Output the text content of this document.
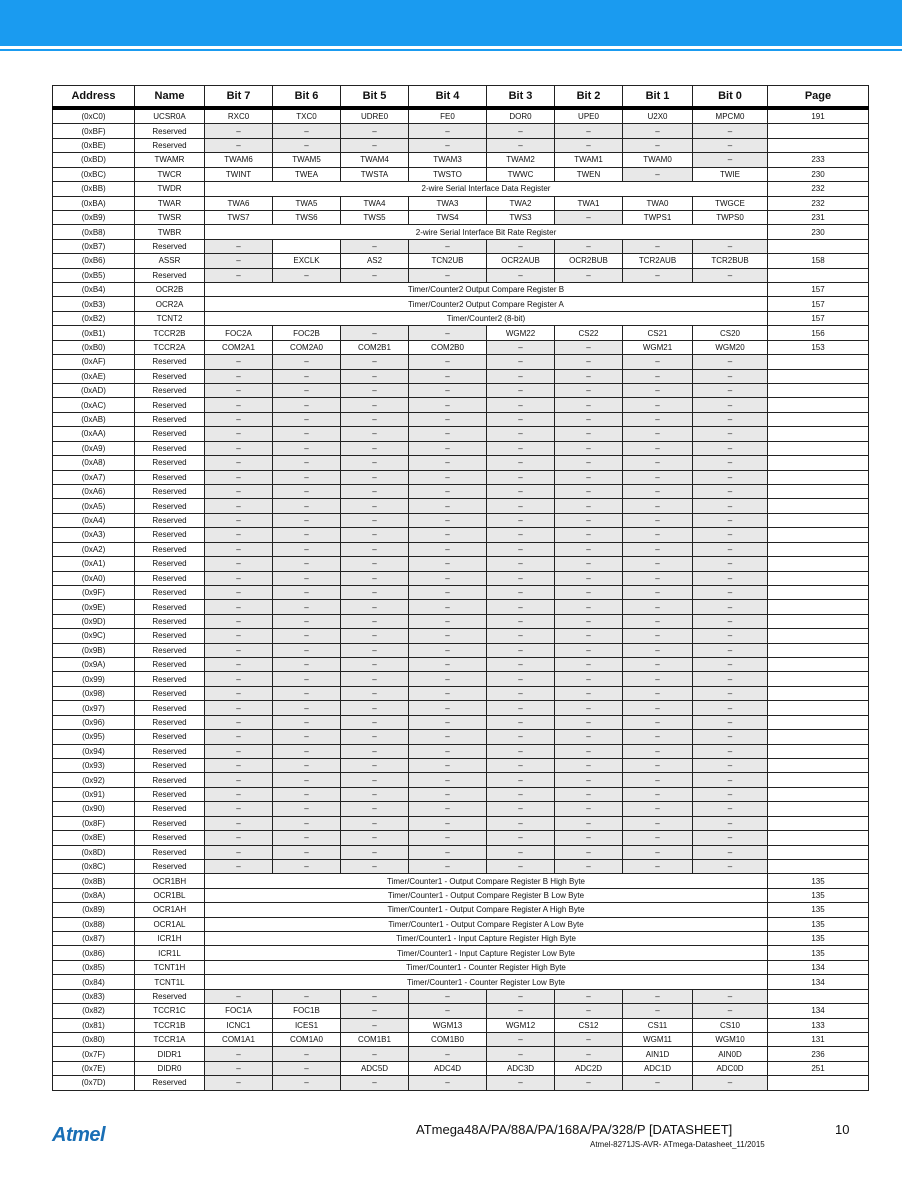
Address	Name	Bit 7	Bit 6	Bit 5	Bit 4	Bit 3	Bit 2	Bit 1	Bit 0	Page
(0xC0)	UCSR0A	RXC0	TXC0	UDRE0	FE0	DOR0	UPE0	U2X0	MPCM0	191
(0xBF)	Reserved	–	–	–	–	–	–	–	–	
(0xBE)	Reserved	–	–	–	–	–	–	–	–	
(0xBD)	TWAMR	TWAM6	TWAM5	TWAM4	TWAM3	TWAM2	TWAM1	TWAM0	–	233
(0xBC)	TWCR	TWINT	TWEA	TWSTA	TWSTO	TWWC	TWEN	–	TWIE	230
(0xBB)	TWDR	2-wire Serial Interface Data Register								232
(0xBA)	TWAR	TWA6	TWA5	TWA4	TWA3	TWA2	TWA1	TWA0	TWGCE	232
(0xB9)	TWSR	TWS7	TWS6	TWS5	TWS4	TWS3	–	TWPS1	TWPS0	231
(0xB8)	TWBR	2-wire Serial Interface Bit Rate Register								230
(0xB7)	Reserved	–		–	–	–	–	–	–	
(0xB6)	ASSR	–	EXCLK	AS2	TCN2UB	OCR2AUB	OCR2BUB	TCR2AUB	TCR2BUB	158
(0xB5)	Reserved	–	–	–	–	–	–	–	–	
(0xB4)	OCR2B	Timer/Counter2 Output Compare Register B								157
(0xB3)	OCR2A	Timer/Counter2 Output Compare Register A								157
(0xB2)	TCNT2	Timer/Counter2 (8-bit)								157
(0xB1)	TCCR2B	FOC2A	FOC2B	–	–	WGM22	CS22	CS21	CS20	156
(0xB0)	TCCR2A	COM2A1	COM2A0	COM2B1	COM2B0	–	–	WGM21	WGM20	153
(0xAF)	Reserved	–	–	–	–	–	–	–	–	
(0xAE)	Reserved	–	–	–	–	–	–	–	–	
(0xAD)	Reserved	–	–	–	–	–	–	–	–	
(0xAC)	Reserved	–	–	–	–	–	–	–	–	
(0xAB)	Reserved	–	–	–	–	–	–	–	–	
(0xAA)	Reserved	–	–	–	–	–	–	–	–	
(0xA9)	Reserved	–	–	–	–	–	–	–	–	
(0xA8)	Reserved	–	–	–	–	–	–	–	–	
(0xA7)	Reserved	–	–	–	–	–	–	–	–	
(0xA6)	Reserved	–	–	–	–	–	–	–	–	
(0xA5)	Reserved	–	–	–	–	–	–	–	–	
(0xA4)	Reserved	–	–	–	–	–	–	–	–	
(0xA3)	Reserved	–	–	–	–	–	–	–	–	
(0xA2)	Reserved	–	–	–	–	–	–	–	–	
(0xA1)	Reserved	–	–	–	–	–	–	–	–	
(0xA0)	Reserved	–	–	–	–	–	–	–	–	
(0x9F)	Reserved	–	–	–	–	–	–	–	–	
(0x9E)	Reserved	–	–	–	–	–	–	–	–	
(0x9D)	Reserved	–	–	–	–	–	–	–	–	
(0x9C)	Reserved	–	–	–	–	–	–	–	–	
(0x9B)	Reserved	–	–	–	–	–	–	–	–	
(0x9A)	Reserved	–	–	–	–	–	–	–	–	
(0x99)	Reserved	–	–	–	–	–	–	–	–	
(0x98)	Reserved	–	–	–	–	–	–	–	–	
(0x97)	Reserved	–	–	–	–	–	–	–	–	
(0x96)	Reserved	–	–	–	–	–	–	–	–	
(0x95)	Reserved	–	–	–	–	–	–	–	–	
(0x94)	Reserved	–	–	–	–	–	–	–	–	
(0x93)	Reserved	–	–	–	–	–	–	–	–	
(0x92)	Reserved	–	–	–	–	–	–	–	–	
(0x91)	Reserved	–	–	–	–	–	–	–	–	
(0x90)	Reserved	–	–	–	–	–	–	–	–	
(0x8F)	Reserved	–	–	–	–	–	–	–	–	
(0x8E)	Reserved	–	–	–	–	–	–	–	–	
(0x8D)	Reserved	–	–	–	–	–	–	–	–	
(0x8C)	Reserved	–	–	–	–	–	–	–	–	
(0x8B)	OCR1BH	Timer/Counter1 - Output Compare Register B High Byte								135
(0x8A)	OCR1BL	Timer/Counter1 - Output Compare Register B Low Byte								135
(0x89)	OCR1AH	Timer/Counter1 - Output Compare Register A High Byte								135
(0x88)	OCR1AL	Timer/Counter1 - Output Compare Register A Low Byte								135
(0x87)	ICR1H	Timer/Counter1 - Input Capture Register High Byte								135
(0x86)	ICR1L	Timer/Counter1 - Input Capture Register Low Byte								135
(0x85)	TCNT1H	Timer/Counter1 - Counter Register High Byte								134
(0x84)	TCNT1L	Timer/Counter1 - Counter Register Low Byte								134
(0x83)	Reserved	–	–	–	–	–	–	–	–	
(0x82)	TCCR1C	FOC1A	FOC1B	–	–	–	–	–	–	134
(0x81)	TCCR1B	ICNC1	ICES1	–	WGM13	WGM12	CS12	CS11	CS10	133
(0x80)	TCCR1A	COM1A1	COM1A0	COM1B1	COM1B0	–	–	WGM11	WGM10	131
(0x7F)	DIDR1	–	–	–	–	–	–	AIN1D	AIN0D	236
(0x7E)	DIDR0	–	–	ADC5D	ADC4D	ADC3D	ADC2D	ADC1D	ADC0D	251
(0x7D)	Reserved	–	–	–	–	–	–	–	–	
Atmel	ATmega48A/PA/88A/PA/168A/PA/328/P [DATASHEET]	10
Atmel-8271JS-AVR- ATmega-Datasheet_11/2015
